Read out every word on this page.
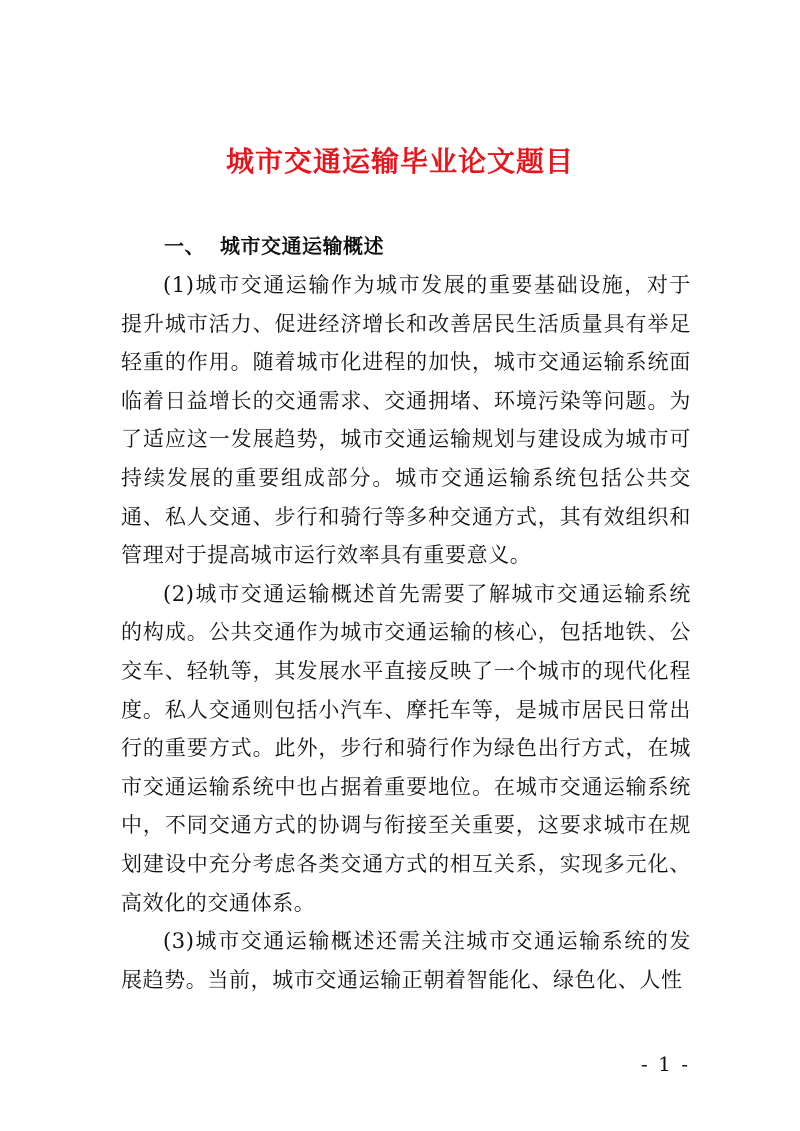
城市交通运输毕业论文题目
一、 城市交通运输概述

(1)城市交通运输作为城市发展的重要基础设施，对于提升城市活力、促进经济增长和改善居民生活质量具有举足轻重的作用。随着城市化进程的加快，城市交通运输系统面临着日益增长的交通需求、交通拥堵、环境污染等问题。为了适应这一发展趋势，城市交通运输规划与建设成为城市可持续发展的重要组成部分。城市交通运输系统包括公共交通、私人交通、步行和骑行等多种交通方式，其有效组织和管理对于提高城市运行效率具有重要意义。

(2)城市交通运输概述首先需要了解城市交通运输系统的构成。公共交通作为城市交通运输的核心，包括地铁、公交车、轻轨等，其发展水平直接反映了一个城市的现代化程度。私人交通则包括小汽车、摩托车等，是城市居民日常出行的重要方式。此外，步行和骑行作为绿色出行方式，在城市交通运输系统中也占据着重要地位。在城市交通运输系统中，不同交通方式的协调与衔接至关重要，这要求城市在规划建设中充分考虑各类交通方式的相互关系，实现多元化、高效化的交通体系。

(3)城市交通运输概述还需关注城市交通运输系统的发展趋势。当前，城市交通运输正朝着智能化、绿色化、人性

- 1 -
